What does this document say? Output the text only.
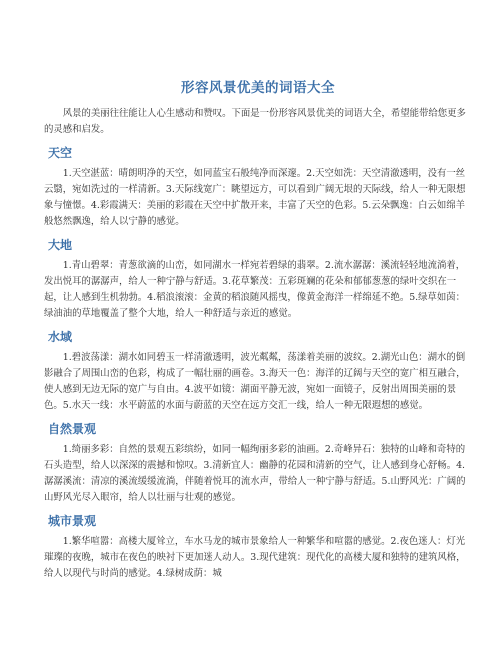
形容风景优美的词语大全

风景的美丽往往能让人心生感动和赞叹。下面是一份形容风景优美的词语大全，希望能带给您更多的灵感和启发。

天空

1.天空湛蓝：晴朗明净的天空，如同蓝宝石般纯净而深邃。2.天空如洗：天空清澈透明，没有一丝云翳，宛如洗过的一样清新。3.天际线宽广：眺望远方，可以看到广阔无垠的天际线，给人一种无限想象与憧憬。4.彩霞满天：美丽的彩霞在天空中扩散开来，丰富了天空的色彩。5.云朵飘逸：白云如绵羊般悠然飘逸，给人以宁静的感觉。

大地

1.青山碧翠：青葱欲滴的山峦，如同湖水一样宛若碧绿的翡翠。2.流水潺潺：溪流轻轻地流淌着，发出悦耳的潺潺声，给人一种宁静与舒适。3.花草繁茂：五彩斑斓的花朵和郁郁葱葱的绿叶交织在一起，让人感到生机勃勃。4.稻浪滚滚：金黄的稻浪随风摇曳，像黄金海洋一样绵延不绝。5.绿草如茵：绿油油的草地覆盖了整个大地，给人一种舒适与亲近的感觉。

水域

1.碧波荡漾：湖水如同碧玉一样清澈透明，波光粼粼，荡漾着美丽的波纹。2.湖光山色：湖水的倒影融合了周围山峦的色彩，构成了一幅壮丽的画卷。3.海天一色：海洋的辽阔与天空的宽广相互融合，使人感到无边无际的宽广与自由。4.波平如镜：湖面平静无波，宛如一面镜子，反射出周围美丽的景色。5.水天一线：水平蔚蓝的水面与蔚蓝的天空在远方交汇一线，给人一种无限遐想的感觉。

自然景观

1.绮丽多彩：自然的景观五彩缤纷，如同一幅绚丽多彩的油画。2.奇峰异石：独特的山峰和奇特的石头造型，给人以深深的震撼和惊叹。3.清新宜人：幽静的花园和清新的空气，让人感到身心舒畅。4.潺潺溪流：清凉的溪流缓缓流淌，伴随着悦耳的流水声，带给人一种宁静与舒适。5.山野风光：广阔的山野风光尽入眼帘，给人以壮丽与壮观的感觉。

城市景观

1.繁华喧嚣：高楼大厦耸立，车水马龙的城市景象给人一种繁华和喧嚣的感觉。2.夜色迷人：灯光璀璨的夜晚，城市在夜色的映衬下更加迷人动人。3.现代建筑：现代化的高楼大厦和独特的建筑风格，给人以现代与时尚的感觉。4.绿树成荫：城
